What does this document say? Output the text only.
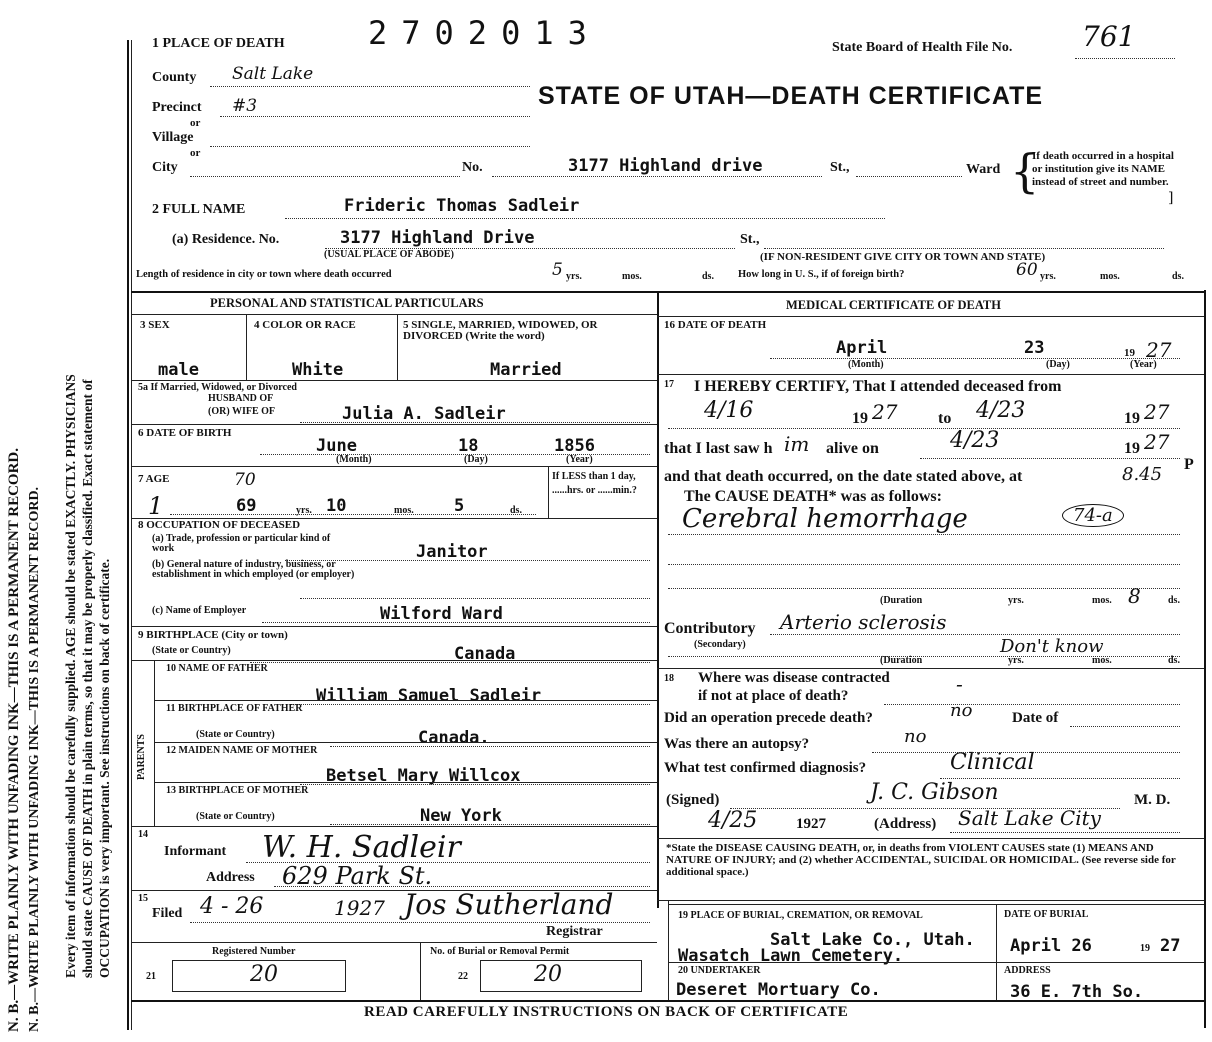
N. B.—WRITE PLAINLY WITH UNFADING INK—THIS IS A PERMANENT RECORD. N. B.—WRITE PLAINLY WITH UNFADING INK—THIS IS A PERMANENT RECORD. Every item of information should be carefully supplied. AGE should be stated EXACTLY. PHYSICIANS should state CAUSE OF DEATH in plain terms, so that it may be properly classified. Exact statement of OCCUPATION is very important. See instructions on back of certificate.
1 PLACE OF DEATH	2702013	State Board of Health File No. 761
STATE OF UTAH—DEATH CERTIFICATE
County Salt Lake
Precinct #3
or
Village
or
City	No.	3177 Highland drive	St.,	Ward {
If death occurred in a hospital or institution give its NAME instead of street and number.
]
2 FULL NAME	Frideric Thomas Sadleir
(a) Residence. No.	3177 Highland Drive	St.,
(USUAL PLACE OF ABODE)	(IF NON-RESIDENT GIVE CITY OR TOWN AND STATE)
Length of residence in city or town where death occurred	5 yrs.	mos.	ds. How long in U. S., if of foreign birth?	60 yrs.	mos.	ds.
PERSONAL AND STATISTICAL PARTICULARS
3 SEX	4 COLOR OR RACE	5 SINGLE, MARRIED, WIDOWED, OR DIVORCED (Write the word)
male	White	Married
5a If Married, Widowed, or Divorced
HUSBAND OF
(OR) WIFE OF	Julia A. Sadleir
6 DATE OF BIRTH
June	18	1856
(Month)	(Day)	(Year)
7 AGE	70
1	69	yrs. 10	mos. 5	ds.
If LESS than 1 day, ......hrs. or ......min.?
8 OCCUPATION OF DECEASED
(a) Trade, profession or particular kind of work	Janitor
(b) General nature of industry, business, or establishment in which employed (or employer)
(c) Name of Employer	Wilford Ward
9 BIRTHPLACE (City or town)
(State or Country)	Canada
PARENTS
10 NAME OF FATHER
William Samuel Sadleir
11 BIRTHPLACE OF FATHER
(State or Country)	Canada.
12 MAIDEN NAME OF MOTHER
Betsel Mary Willcox
13 BIRTHPLACE OF MOTHER
(State or Country)	New York
14
Informant W. H. Sadleir
Address 629 Park St.
15
Filed 4 - 26	1927 Jos Sutherland
Registrar
Registered Number	No. of Burial or Removal Permit
21	20	22	20
MEDICAL CERTIFICATE OF DEATH
16 DATE OF DEATH
April	23	19 27
(Month)	(Day)	(Year)
17 I HEREBY CERTIFY, That I attended deceased from
4/16	19 27	to 4/23	19 27
that I last saw h im alive on	4/23	19 27
and that death occurred, on the date stated above, at	8.45 P
The CAUSE DEATH* was as follows:
Cerebral hemorrhage	74-a
(Duration	yrs.	mos. 8	ds.
Contributory
(Secondary)
Arterio sclerosis
Don't know
(Duration	yrs.	mos.	ds.
18 Where was disease contracted
if not at place of death?	-
Did an operation precede death?	no	Date of
Was there an autopsy?	no
What test confirmed diagnosis?	Clinical
(Signed)	J. C. Gibson	M. D.
4/25	1927	(Address) Salt Lake City
*State the DISEASE CAUSING DEATH, or, in deaths from VIOLENT CAUSES state (1) MEANS AND NATURE OF INJURY; and (2) whether ACCIDENTAL, SUICIDAL OR HOMICIDAL. (See reverse side for additional space.)
19 PLACE OF BURIAL, CREMATION, OR REMOVAL
Salt Lake Co., Utah.
Wasatch Lawn Cemetery.
DATE OF BURIAL
April 26	19 27
20 UNDERTAKER
Deseret Mortuary Co.
ADDRESS
36 E. 7th So.
READ CAREFULLY INSTRUCTIONS ON BACK OF CERTIFICATE
